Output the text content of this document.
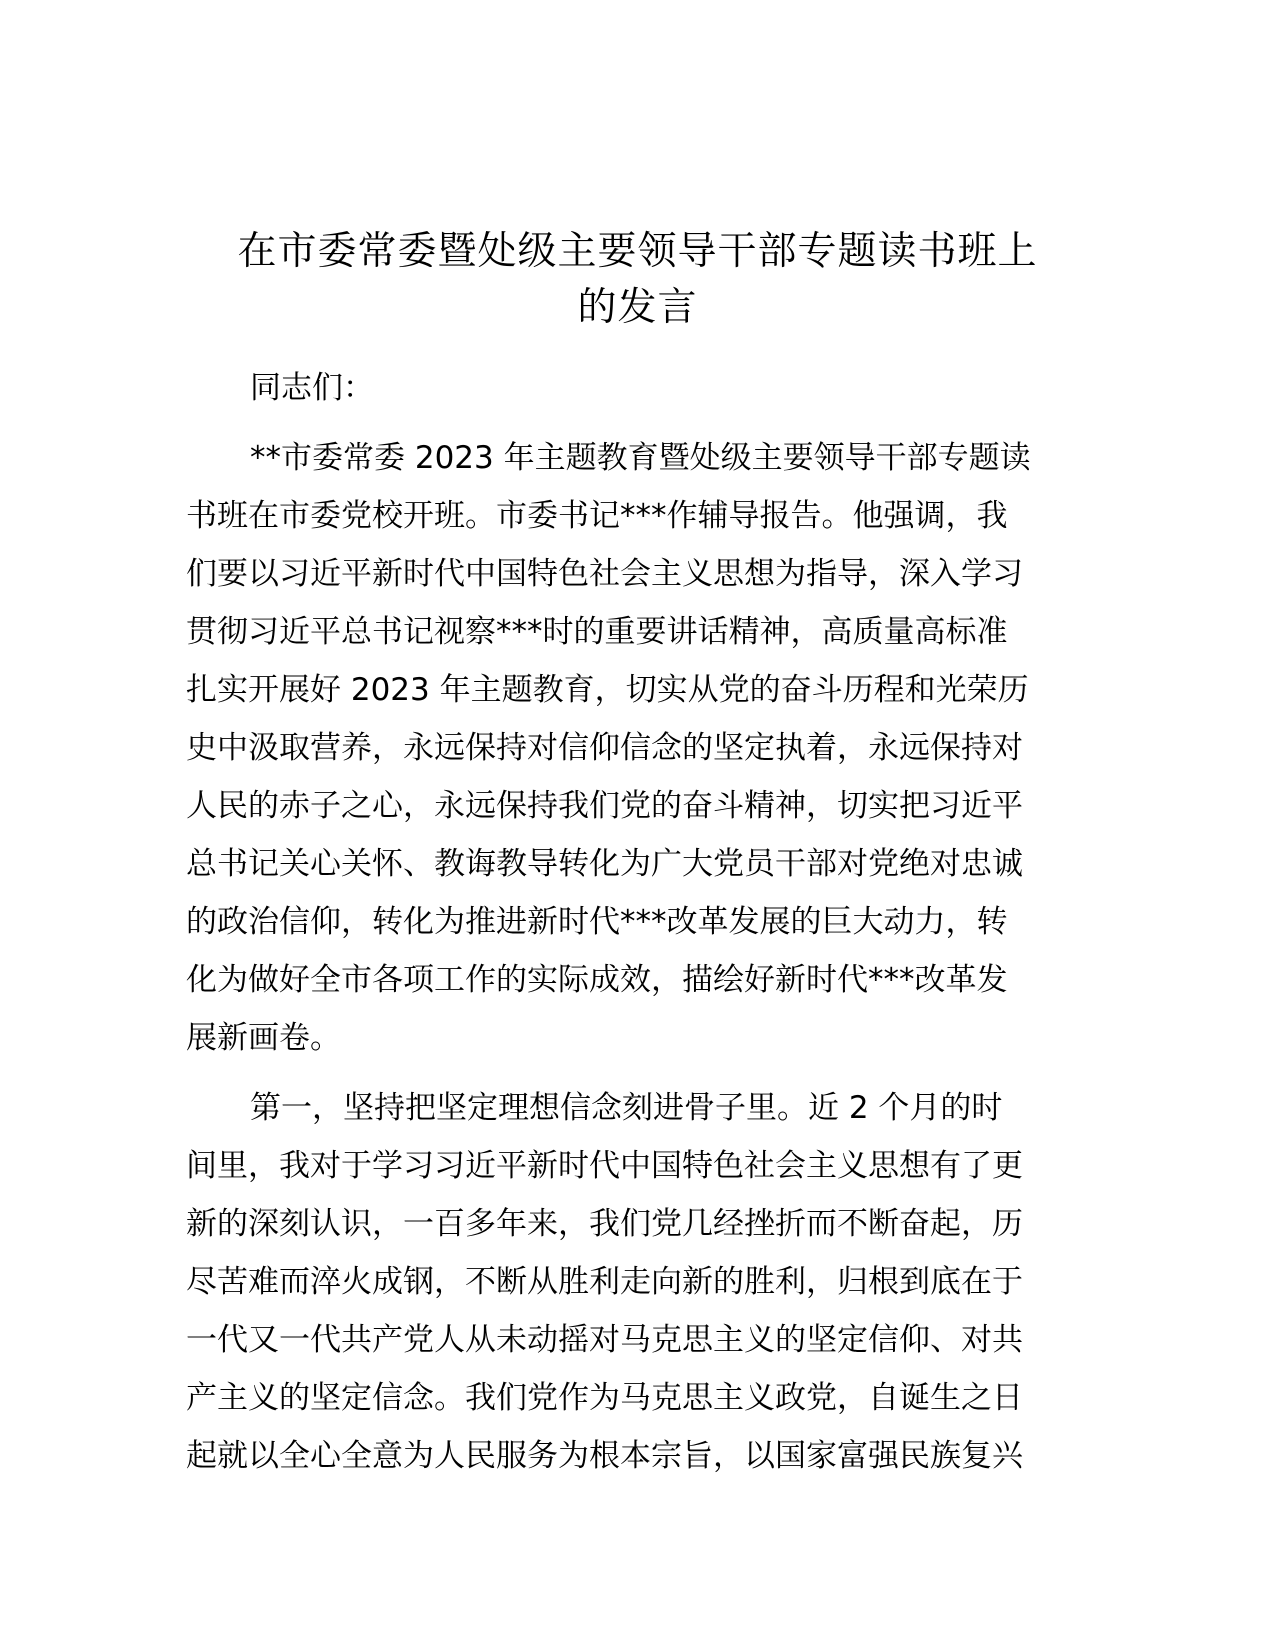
在市委常委暨处级主要领导干部专题读书班上
的发言

同志们：

**市委常委 2023 年主题教育暨处级主要领导干部专题读
书班在市委党校开班。市委书记***作辅导报告。他强调，我
们要以习近平新时代中国特色社会主义思想为指导，深入学习
贯彻习近平总书记视察***时的重要讲话精神，高质量高标准
扎实开展好 2023 年主题教育，切实从党的奋斗历程和光荣历
史中汲取营养，永远保持对信仰信念的坚定执着，永远保持对
人民的赤子之心，永远保持我们党的奋斗精神，切实把习近平
总书记关心关怀、教诲教导转化为广大党员干部对党绝对忠诚
的政治信仰，转化为推进新时代***改革发展的巨大动力，转
化为做好全市各项工作的实际成效，描绘好新时代***改革发
展新画卷。

第一，坚持把坚定理想信念刻进骨子里。近 2 个月的时
间里，我对于学习习近平新时代中国特色社会主义思想有了更
新的深刻认识，一百多年来，我们党几经挫折而不断奋起，历
尽苦难而淬火成钢，不断从胜利走向新的胜利，归根到底在于
一代又一代共产党人从未动摇对马克思主义的坚定信仰、对共
产主义的坚定信念。我们党作为马克思主义政党，自诞生之日
起就以全心全意为人民服务为根本宗旨，以国家富强民族复兴
